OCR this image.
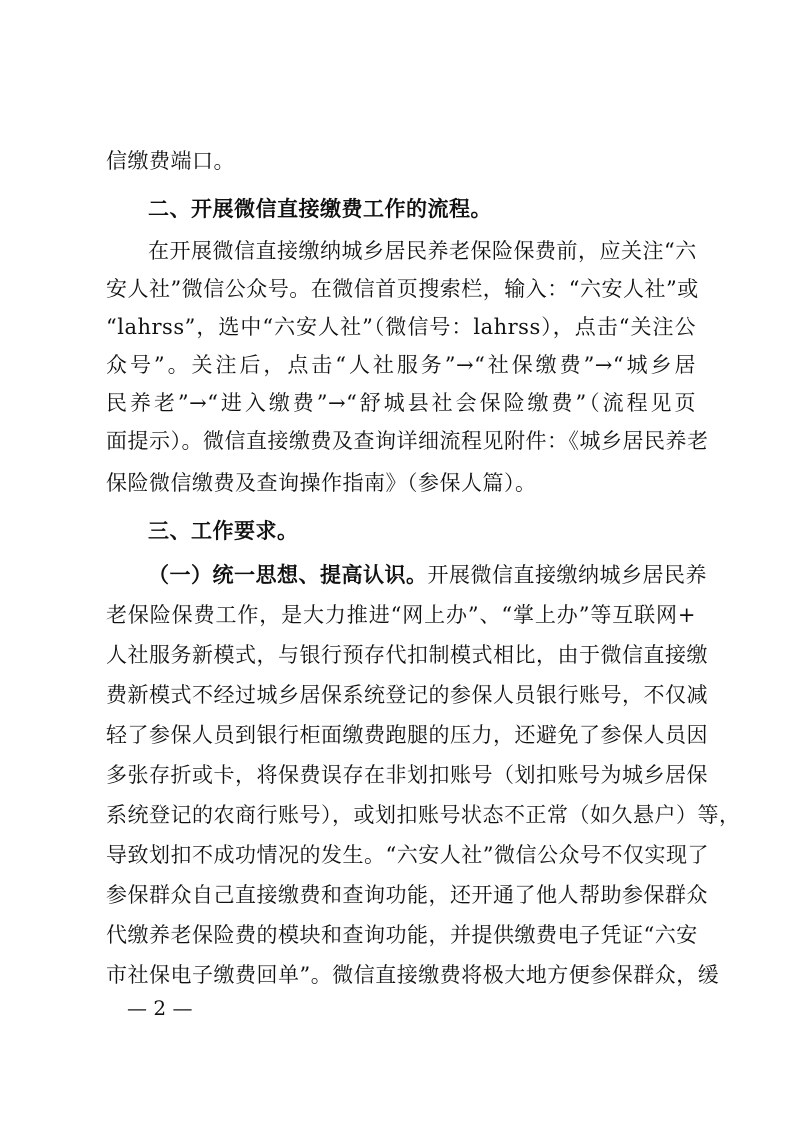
信缴费端口。
二、开展微信直接缴费工作的流程。
在开展微信直接缴纳城乡居民养老保险保费前，应关注“六
安人社”微信公众号。在微信首页搜索栏，输入：“六安人社”或
“lahrss”，选中“六安人社”（微信号：lahrss），点击“关注公
众号”。关注后，点击“人社服务”→“社保缴费”→“城乡居
民养老”→“进入缴费”→“舒城县社会保险缴费”（流程见页
面提示）。微信直接缴费及查询详细流程见附件：《城乡居民养老
保险微信缴费及查询操作指南》（参保人篇）。
三、工作要求。
（一）统一思想、提高认识。开展微信直接缴纳城乡居民养
老保险保费工作，是大力推进“网上办”、“掌上办”等互联网+
人社服务新模式，与银行预存代扣制模式相比，由于微信直接缴
费新模式不经过城乡居保系统登记的参保人员银行账号，不仅减
轻了参保人员到银行柜面缴费跑腿的压力，还避免了参保人员因
多张存折或卡，将保费误存在非划扣账号（划扣账号为城乡居保
系统登记的农商行账号），或划扣账号状态不正常（如久悬户）等，
导致划扣不成功情况的发生。“六安人社”微信公众号不仅实现了
参保群众自己直接缴费和查询功能，还开通了他人帮助参保群众
代缴养老保险费的模块和查询功能，并提供缴费电子凭证“六安
市社保电子缴费回单”。微信直接缴费将极大地方便参保群众，缓
— 2 —
